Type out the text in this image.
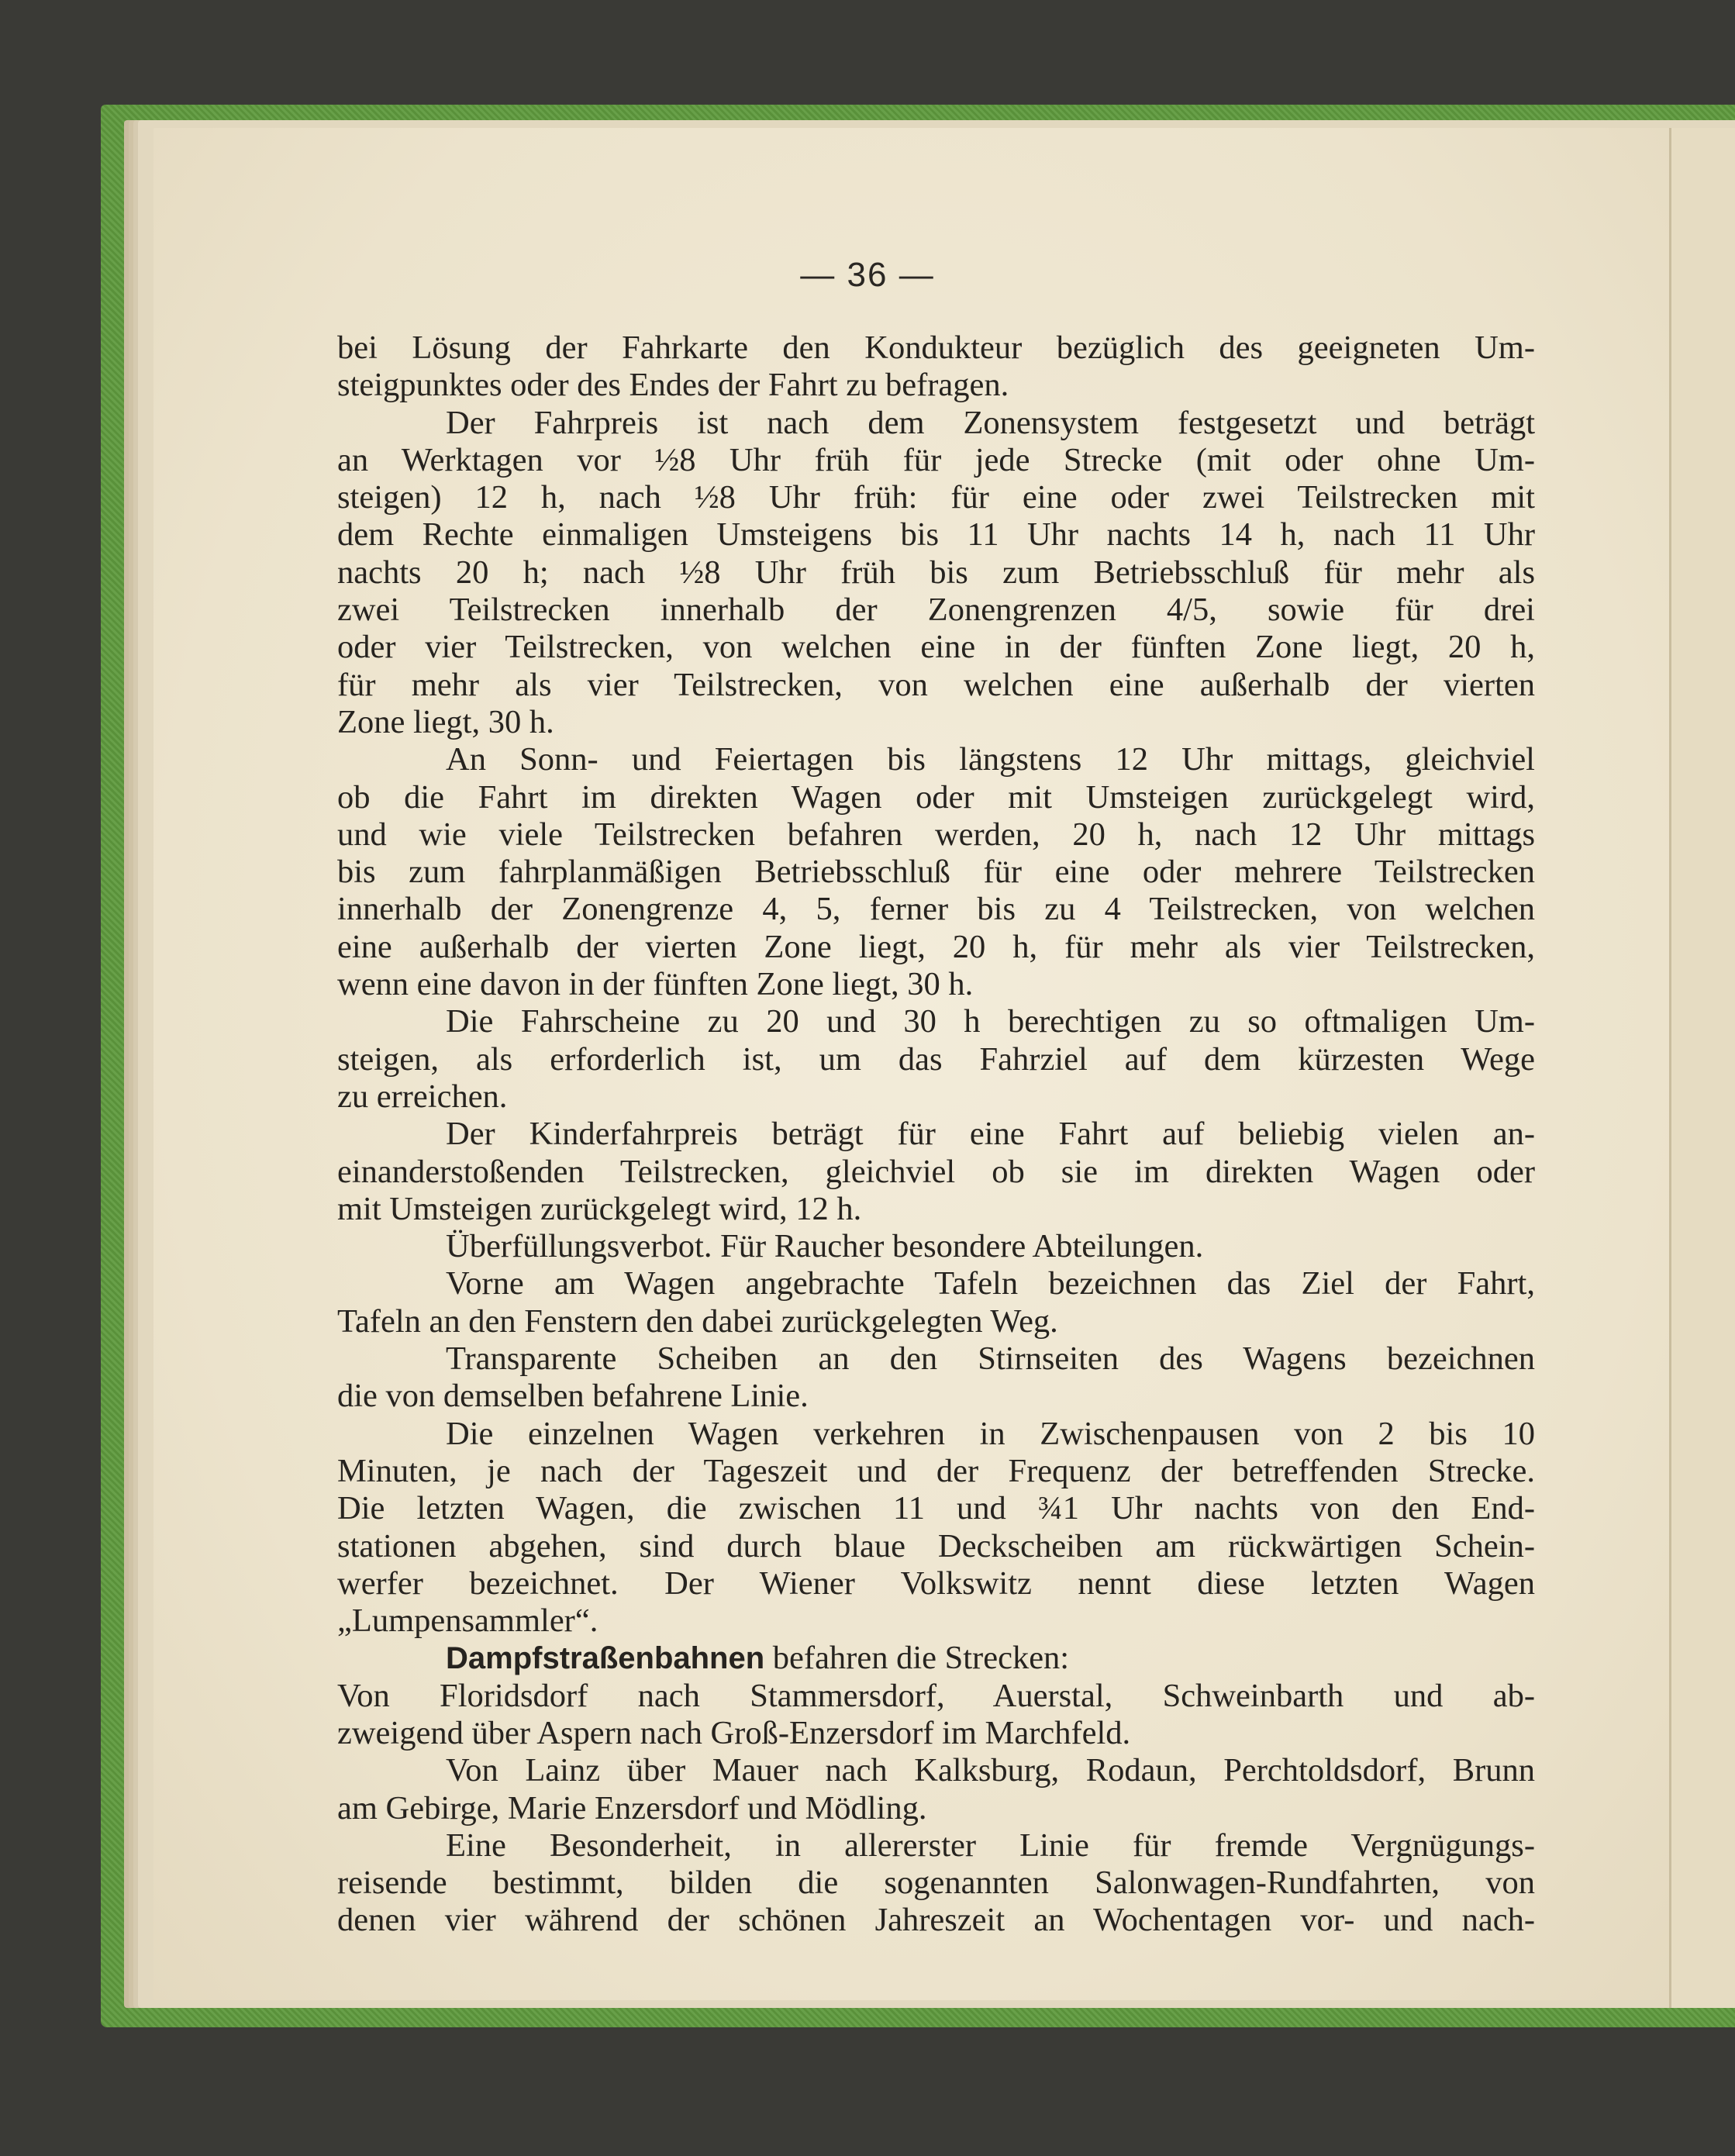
— 36 —
bei Lösung der Fahrkarte den Kondukteur bezüglich des geeigneten Um-
steigpunktes oder des Endes der Fahrt zu befragen.
Der Fahrpreis ist nach dem Zonensystem festgesetzt und beträgt
an Werktagen vor ½8 Uhr früh für jede Strecke (mit oder ohne Um-
steigen) 12 h, nach ½8 Uhr früh: für eine oder zwei Teilstrecken mit
dem Rechte einmaligen Umsteigens bis 11 Uhr nachts 14 h, nach 11 Uhr
nachts 20 h; nach ½8 Uhr früh bis zum Betriebsschluß für mehr als
zwei Teilstrecken innerhalb der Zonengrenzen 4/5, sowie für drei
oder vier Teilstrecken, von welchen eine in der fünften Zone liegt, 20 h,
für mehr als vier Teilstrecken, von welchen eine außerhalb der vierten
Zone liegt, 30 h.
An Sonn- und Feiertagen bis längstens 12 Uhr mittags, gleichviel
ob die Fahrt im direkten Wagen oder mit Umsteigen zurückgelegt wird,
und wie viele Teilstrecken befahren werden, 20 h, nach 12 Uhr mittags
bis zum fahrplanmäßigen Betriebsschluß für eine oder mehrere Teilstrecken
innerhalb der Zonengrenze 4, 5, ferner bis zu 4 Teilstrecken, von welchen
eine außerhalb der vierten Zone liegt, 20 h, für mehr als vier Teilstrecken,
wenn eine davon in der fünften Zone liegt, 30 h.
Die Fahrscheine zu 20 und 30 h berechtigen zu so oftmaligen Um-
steigen, als erforderlich ist, um das Fahrziel auf dem kürzesten Wege
zu erreichen.
Der Kinderfahrpreis beträgt für eine Fahrt auf beliebig vielen an-
einanderstoßenden Teilstrecken, gleichviel ob sie im direkten Wagen oder
mit Umsteigen zurückgelegt wird, 12 h.
Überfüllungsverbot. Für Raucher besondere Abteilungen.
Vorne am Wagen angebrachte Tafeln bezeichnen das Ziel der Fahrt,
Tafeln an den Fenstern den dabei zurückgelegten Weg.
Transparente Scheiben an den Stirnseiten des Wagens bezeichnen
die von demselben befahrene Linie.
Die einzelnen Wagen verkehren in Zwischenpausen von 2 bis 10
Minuten, je nach der Tageszeit und der Frequenz der betreffenden Strecke.
Die letzten Wagen, die zwischen 11 und ¾1 Uhr nachts von den End-
stationen abgehen, sind durch blaue Deckscheiben am rückwärtigen Schein-
werfer bezeichnet. Der Wiener Volkswitz nennt diese letzten Wagen
„Lumpensammler“.
Dampfstraßenbahnen befahren die Strecken:
Von Floridsdorf nach Stammersdorf, Auerstal, Schweinbarth und ab-
zweigend über Aspern nach Groß-Enzersdorf im Marchfeld.
Von Lainz über Mauer nach Kalksburg, Rodaun, Perchtoldsdorf, Brunn
am Gebirge, Marie Enzersdorf und Mödling.
Eine Besonderheit, in allererster Linie für fremde Vergnügungs-
reisende bestimmt, bilden die sogenannten Salonwagen-Rundfahrten, von
denen vier während der schönen Jahreszeit an Wochentagen vor- und nach-
